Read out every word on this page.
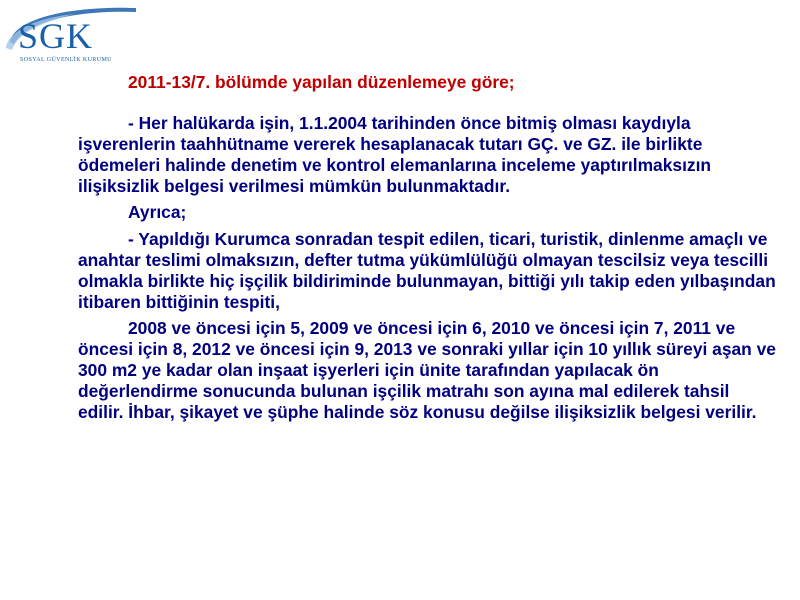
SGK
SOSYAL GÜVENLİK KURUMU
2011-13/7. bölümde yapılan düzenlemeye göre;

- Her halükarda işin, 1.1.2004 tarihinden önce bitmiş olması kaydıyla işverenlerin taahhütname vererek hesaplanacak tutarı GÇ. ve GZ. ile birlikte ödemeleri halinde denetim ve kontrol elemanlarına inceleme yaptırılmaksızın ilişiksizlik belgesi verilmesi mümkün bulunmaktadır.

Ayrıca;

- Yapıldığı Kurumca sonradan tespit edilen, ticari, turistik, dinlenme amaçlı ve anahtar teslimi olmaksızın, defter tutma yükümlülüğü olmayan tescilsiz veya tescilli olmakla birlikte hiç işçilik bildiriminde bulunmayan, bittiği yılı takip eden yılbaşından itibaren bittiğinin tespiti,

2008 ve öncesi için 5, 2009 ve öncesi için 6, 2010 ve öncesi için 7, 2011 ve öncesi için 8, 2012 ve öncesi için 9, 2013 ve sonraki yıllar için 10 yıllık süreyi aşan ve 300 m2 ye kadar olan inşaat işyerleri için ünite tarafından yapılacak ön değerlendirme sonucunda bulunan işçilik matrahı son ayına mal edilerek tahsil edilir. İhbar, şikayet ve şüphe halinde söz konusu değilse ilişiksizlik belgesi verilir.
